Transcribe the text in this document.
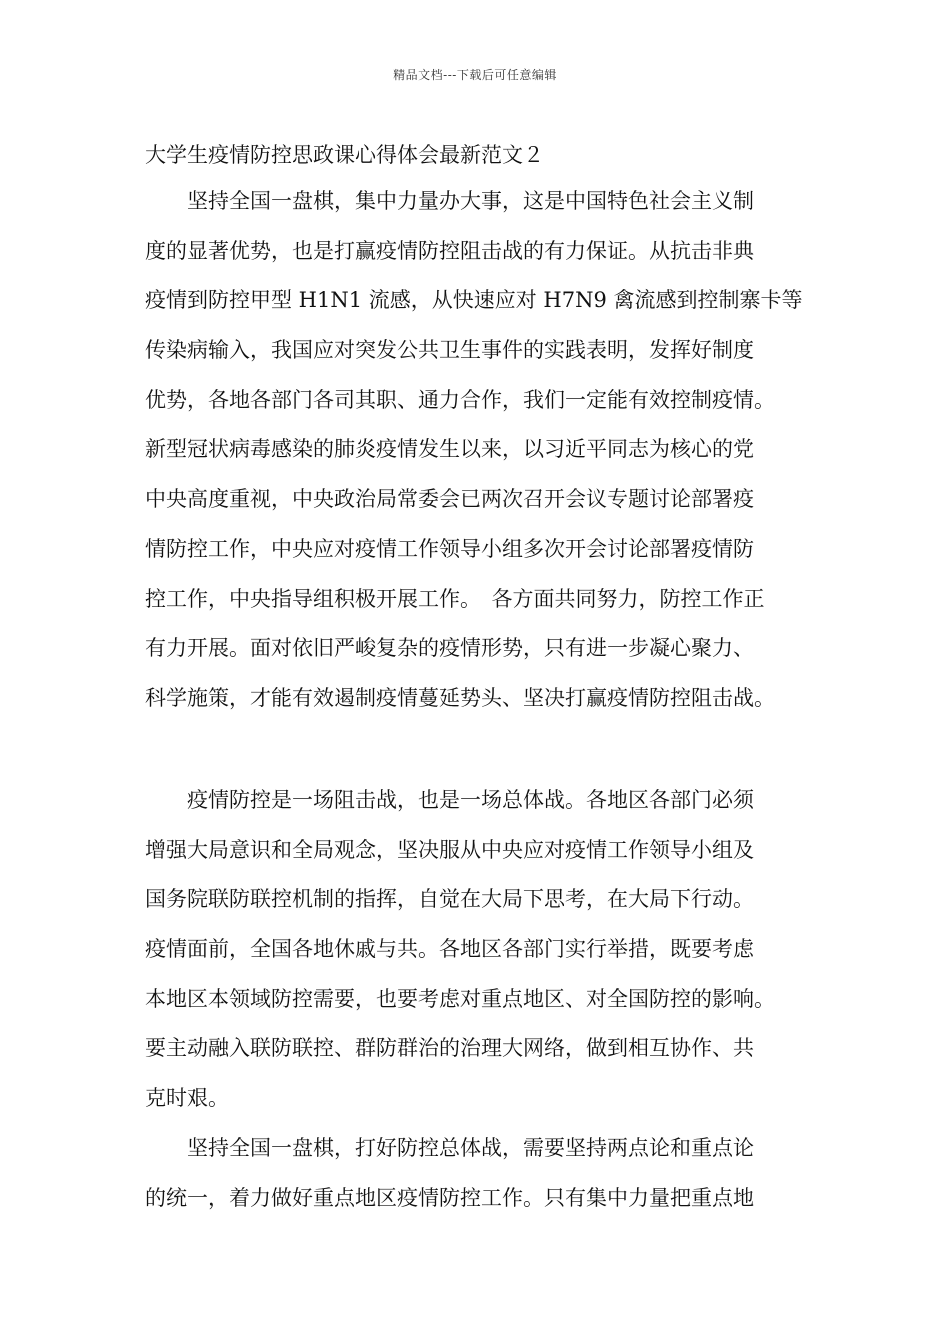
精品文档---下载后可任意编辑
大学生疫情防控思政课心得体会最新范文２
　　坚持全国一盘棋，集中力量办大事，这是中国特色社会主义制
度的显著优势，也是打赢疫情防控阻击战的有力保证。从抗击非典
疫情到防控甲型 H1N1 流感，从快速应对 H7N9 禽流感到控制寨卡等
传染病输入，我国应对突发公共卫生事件的实践表明，发挥好制度
优势，各地各部门各司其职、通力合作，我们一定能有效控制疫情。
新型冠状病毒感染的肺炎疫情发生以来，以习近平同志为核心的党
中央高度重视，中央政治局常委会已两次召开会议专题讨论部署疫
情防控工作，中央应对疫情工作领导小组多次开会讨论部署疫情防
控工作，中央指导组积极开展工作。　各方面共同努力，防控工作正
有力开展。面对依旧严峻复杂的疫情形势，只有进一步凝心聚力、
科学施策，才能有效遏制疫情蔓延势头、坚决打赢疫情防控阻击战。
　　疫情防控是一场阻击战，也是一场总体战。各地区各部门必须
增强大局意识和全局观念，坚决服从中央应对疫情工作领导小组及
国务院联防联控机制的指挥，自觉在大局下思考，在大局下行动。
疫情面前，全国各地休戚与共。各地区各部门实行举措，既要考虑
本地区本领域防控需要，也要考虑对重点地区、对全国防控的影响。
要主动融入联防联控、群防群治的治理大网络，做到相互协作、共
克时艰。
　　坚持全国一盘棋，打好防控总体战，需要坚持两点论和重点论
的统一，着力做好重点地区疫情防控工作。只有集中力量把重点地
